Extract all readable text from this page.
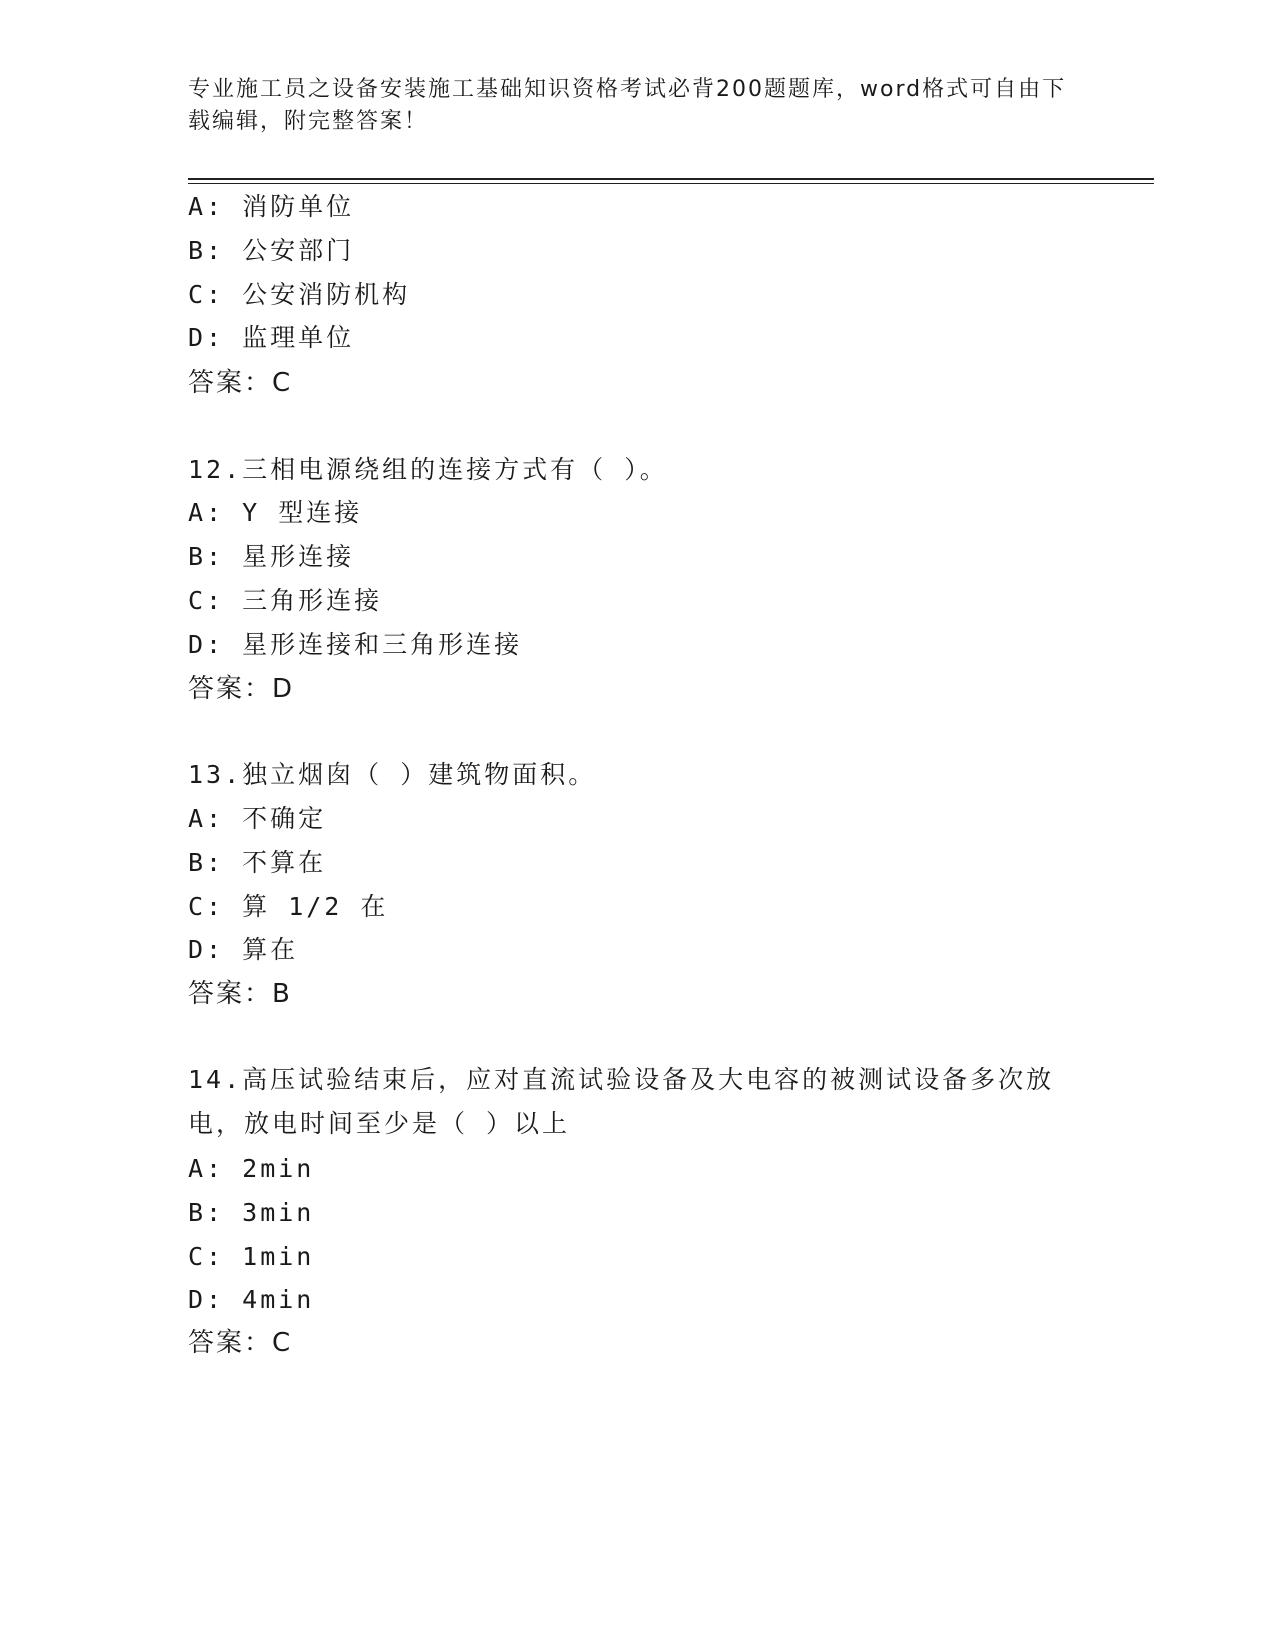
专业施工员之设备安装施工基础知识资格考试必背200题题库，word格式可自由下载编辑，附完整答案！
A: 消防单位
B: 公安部门
C: 公安消防机构
D: 监理单位
答案：C
12.三相电源绕组的连接方式有（ ）。
A: Y 型连接
B: 星形连接
C: 三角形连接
D: 星形连接和三角形连接
答案：D
13.独立烟囱（ ）建筑物面积。
A: 不确定
B: 不算在
C: 算 1/2 在
D: 算在
答案：B
14.高压试验结束后，应对直流试验设备及大电容的被测试设备多次放电，放电时间至少是（ ）以上
A: 2min
B: 3min
C: 1min
D: 4min
答案：C
